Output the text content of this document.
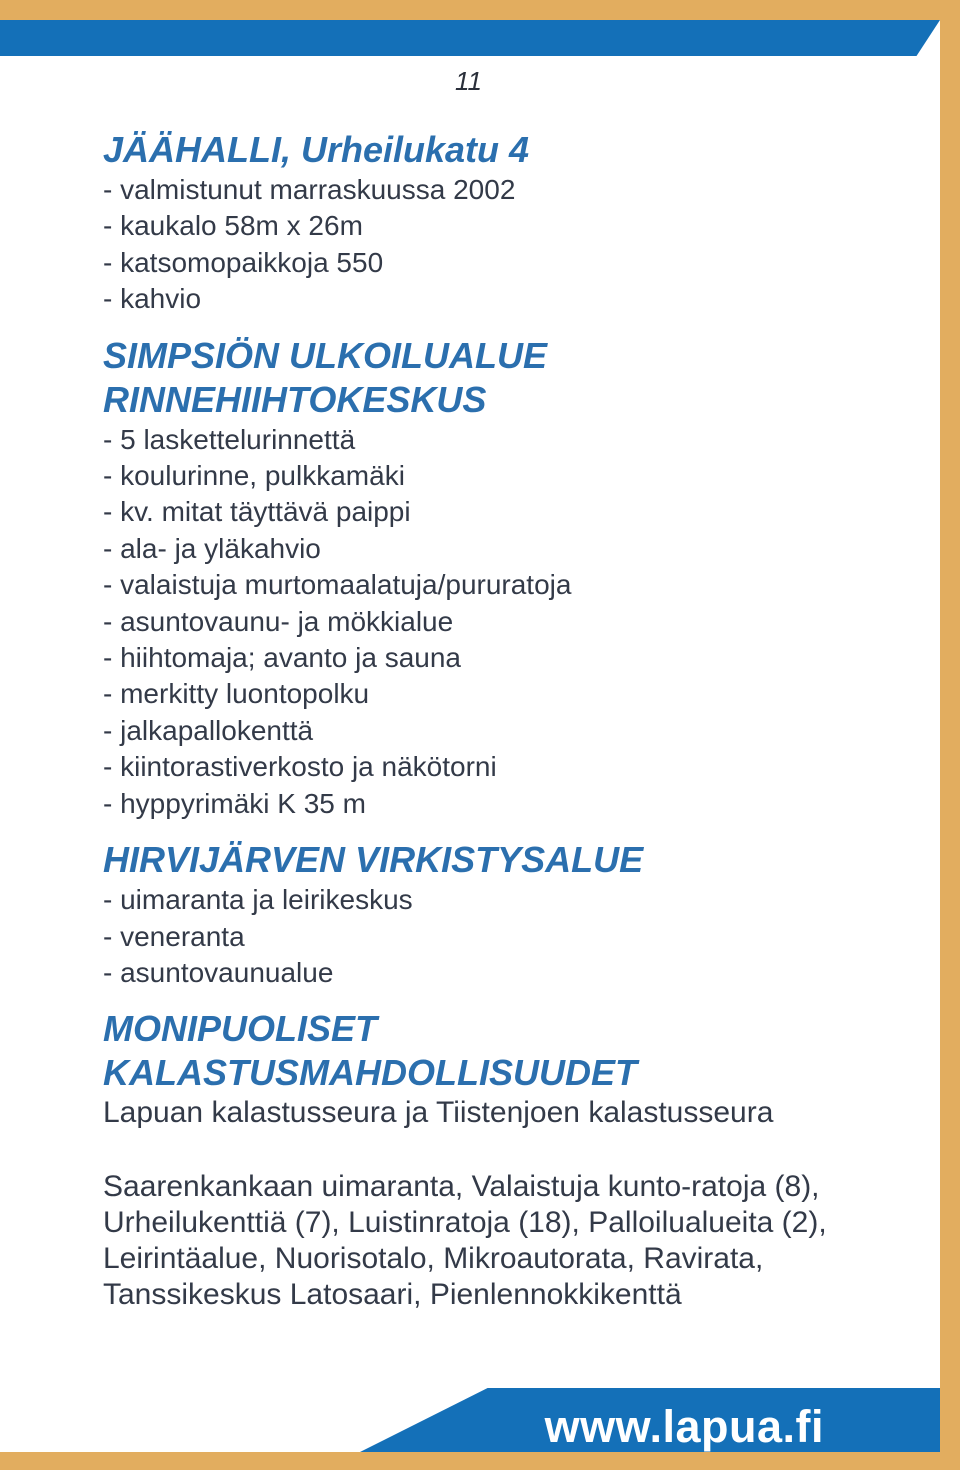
11

JÄÄHALLI, Urheilukatu 4

- valmistunut marraskuussa 2002

- kaukalo 58m x 26m

- katsomopaikkoja 550

- kahvio

SIMPSIÖN ULKOILUALUE

RINNEHIIHTOKESKUS

- 5 laskettelurinnettä

- koulurinne, pulkkamäki

- kv. mitat täyttävä paippi

- ala- ja yläkahvio

- valaistuja murtomaalatuja/pururatoja

- asuntovaunu- ja mökkialue

- hiihtomaja; avanto ja sauna

- merkitty luontopolku

- jalkapallokenttä

- kiintorastiverkosto ja näkötorni

- hyppyrimäki K 35 m

HIRVIJÄRVEN VIRKISTYSALUE

- uimaranta ja leirikeskus

- veneranta

- asuntovaunualue

MONIPUOLISET

KALASTUSMAHDOLLISUUDET

Lapuan kalastusseura ja Tiistenjoen kalastusseura

Saarenkankaan uimaranta, Valaistuja kunto-ratoja (8),

Urheilukenttiä (7), Luistinratoja (18), Palloilualueita (2),

Leirintäalue, Nuorisotalo, Mikroautorata, Ravirata,

Tanssikeskus Latosaari, Pienlennokkikenttä

www.lapua.fi
